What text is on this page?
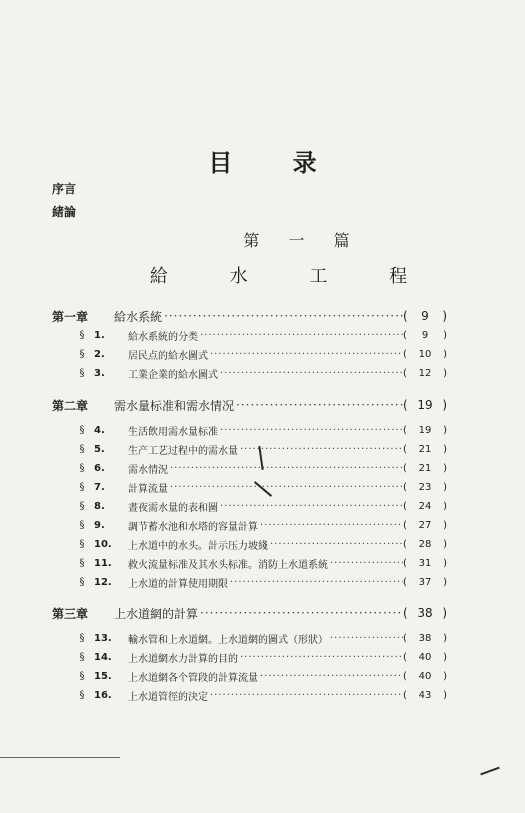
目 录
序言
緒論
第 一 篇
給 水 工 程
第一章	給水系統 ·····	(	9	)
§ 1.	給水系統的分类 ·····	(	9	)
§ 2.	居民点的給水圖式 ·····	(	10	)
§ 3.	工業企業的給水圖式 ·····	(	12	)
第二章	需水量标准和需水情况 ·····	( 19 )
§ 4.	生活飲用需水量标准 ·····	(	19	)
§ 5.	生产工艺过程中的需水量 ·····	(	21	)
§ 6.	需水情況 ·····	(	21	)
§ 7.	計算流量 ·····	(	23	)
§ 8.	晝夜需水量的表和圖 ·····	(	24	)
§ 9.	調节蓄水池和水塔的容量計算 ·····	(	27	)
§ 10.	上水道中的水头。計示压力坡綫 ·····	(	28	)
§ 11.	救火流量标准及其水头标准。消防上水道系統 ·····	(	31	)
§ 12.	上水道的計算使用期限 ·····	(	37	)
第三章	上水道網的計算 ·····	( 38 )
§ 13.	輸水管和上水道網。上水道網的圖式（形狀） ·····	(	38	)
§ 14.	上水道網水力計算的目的 ·····	(	40	)
§ 15.	上水道網各个管段的計算流量 ·····	(	40	)
§ 16.	上水道管徑的決定 ·····	(	43	)
